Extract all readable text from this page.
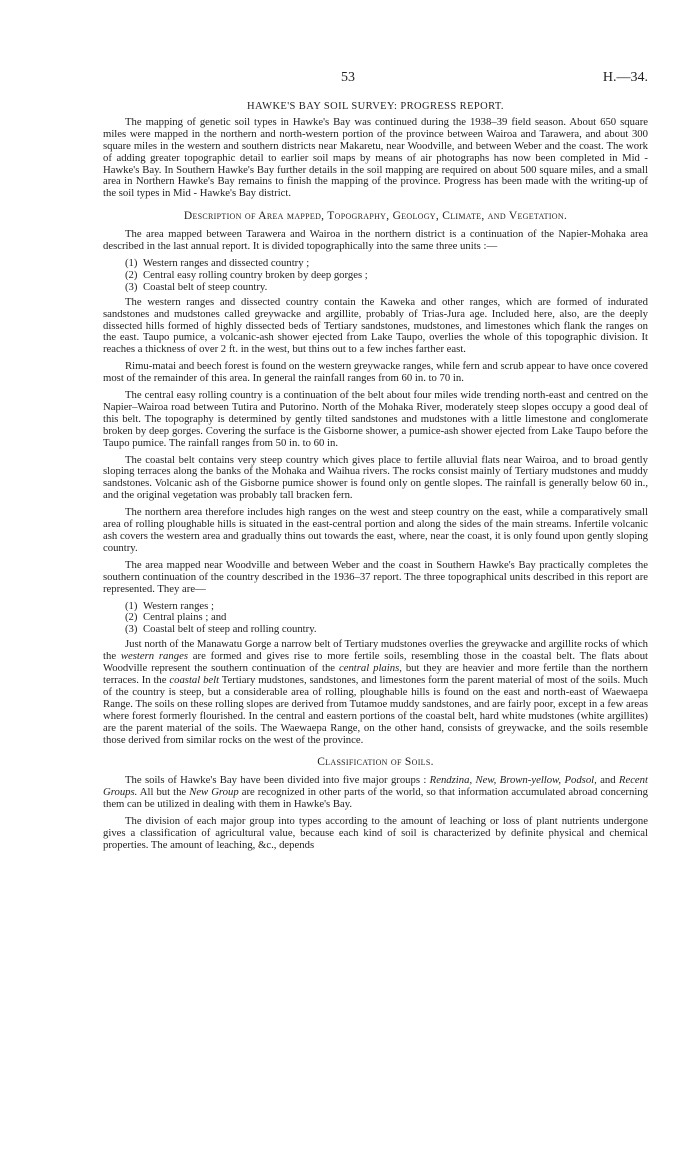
53	H.—34.
HAWKE'S BAY SOIL SURVEY: PROGRESS REPORT.

The mapping of genetic soil types in Hawke's Bay was continued during the 1938–39 field season. About 650 square miles were mapped in the northern and north-western portion of the province between Wairoa and Tarawera, and about 300 square miles in the western and southern districts near Makaretu, near Woodville, and between Weber and the coast. The work of adding greater topographic detail to earlier soil maps by means of air photographs has now been completed in Mid - Hawke's Bay. In Southern Hawke's Bay further details in the soil mapping are required on about 500 square miles, and a small area in Northern Hawke's Bay remains to finish the mapping of the province. Progress has been made with the writing-up of the soil types in Mid - Hawke's Bay district.

Description of Area mapped, Topography, Geology, Climate, and Vegetation.

The area mapped between Tarawera and Wairoa in the northern district is a continuation of the Napier-Mohaka area described in the last annual report. It is divided topographically into the same three units :—

(1) Western ranges and dissected country ;
(2) Central easy rolling country broken by deep gorges ;
(3) Coastal belt of steep country.

The western ranges and dissected country contain the Kaweka and other ranges, which are formed of indurated sandstones and mudstones called greywacke and argillite, probably of Trias-Jura age. Included here, also, are the deeply dissected hills formed of highly dissected beds of Tertiary sandstones, mudstones, and limestones which flank the ranges on the east. Taupo pumice, a volcanic-ash shower ejected from Lake Taupo, overlies the whole of this topographic division. It reaches a thickness of over 2 ft. in the west, but thins out to a few inches farther east.

Rimu-matai and beech forest is found on the western greywacke ranges, while fern and scrub appear to have once covered most of the remainder of this area. In general the rainfall ranges from 60 in. to 70 in.

The central easy rolling country is a continuation of the belt about four miles wide trending north-east and centred on the Napier–Wairoa road between Tutira and Putorino. North of the Mohaka River, moderately steep slopes occupy a good deal of this belt. The topography is determined by gently tilted sandstones and mudstones with a little limestone and conglomerate broken by deep gorges. Covering the surface is the Gisborne shower, a pumice-ash shower ejected from Lake Taupo before the Taupo pumice. The rainfall ranges from 50 in. to 60 in.

The coastal belt contains very steep country which gives place to fertile alluvial flats near Wairoa, and to broad gently sloping terraces along the banks of the Mohaka and Waihua rivers. The rocks consist mainly of Tertiary mudstones and muddy sandstones. Volcanic ash of the Gisborne pumice shower is found only on gentle slopes. The rainfall is generally below 60 in., and the original vegetation was probably tall bracken fern.

The northern area therefore includes high ranges on the west and steep country on the east, while a comparatively small area of rolling ploughable hills is situated in the east-central portion and along the sides of the main streams. Infertile volcanic ash covers the western area and gradually thins out towards the east, where, near the coast, it is only found upon gently sloping country.

The area mapped near Woodville and between Weber and the coast in Southern Hawke's Bay practically completes the southern continuation of the country described in the 1936–37 report. The three topographical units described in this report are represented. They are—

(1) Western ranges ;
(2) Central plains ; and
(3) Coastal belt of steep and rolling country.

Just north of the Manawatu Gorge a narrow belt of Tertiary mudstones overlies the greywacke and argillite rocks of which the western ranges are formed and gives rise to more fertile soils, resembling those in the coastal belt. The flats about Woodville represent the southern continuation of the central plains, but they are heavier and more fertile than the northern terraces. In the coastal belt Tertiary mudstones, sandstones, and limestones form the parent material of most of the soils. Much of the country is steep, but a considerable area of rolling, ploughable hills is found on the east and north-east of Waewaepa Range. The soils on these rolling slopes are derived from Tutamoe muddy sandstones, and are fairly poor, except in a few areas where forest formerly flourished. In the central and eastern portions of the coastal belt, hard white mudstones (white argillites) are the parent material of the soils. The Waewaepa Range, on the other hand, consists of greywacke, and the soils resemble those derived from similar rocks on the west of the province.

Classification of Soils.

The soils of Hawke's Bay have been divided into five major groups : Rendzina, New, Brown-yellow, Podsol, and Recent Groups. All but the New Group are recognized in other parts of the world, so that information accumulated abroad concerning them can be utilized in dealing with them in Hawke's Bay.

The division of each major group into types according to the amount of leaching or loss of plant nutrients undergone gives a classification of agricultural value, because each kind of soil is characterized by definite physical and chemical properties. The amount of leaching, &c., depends
